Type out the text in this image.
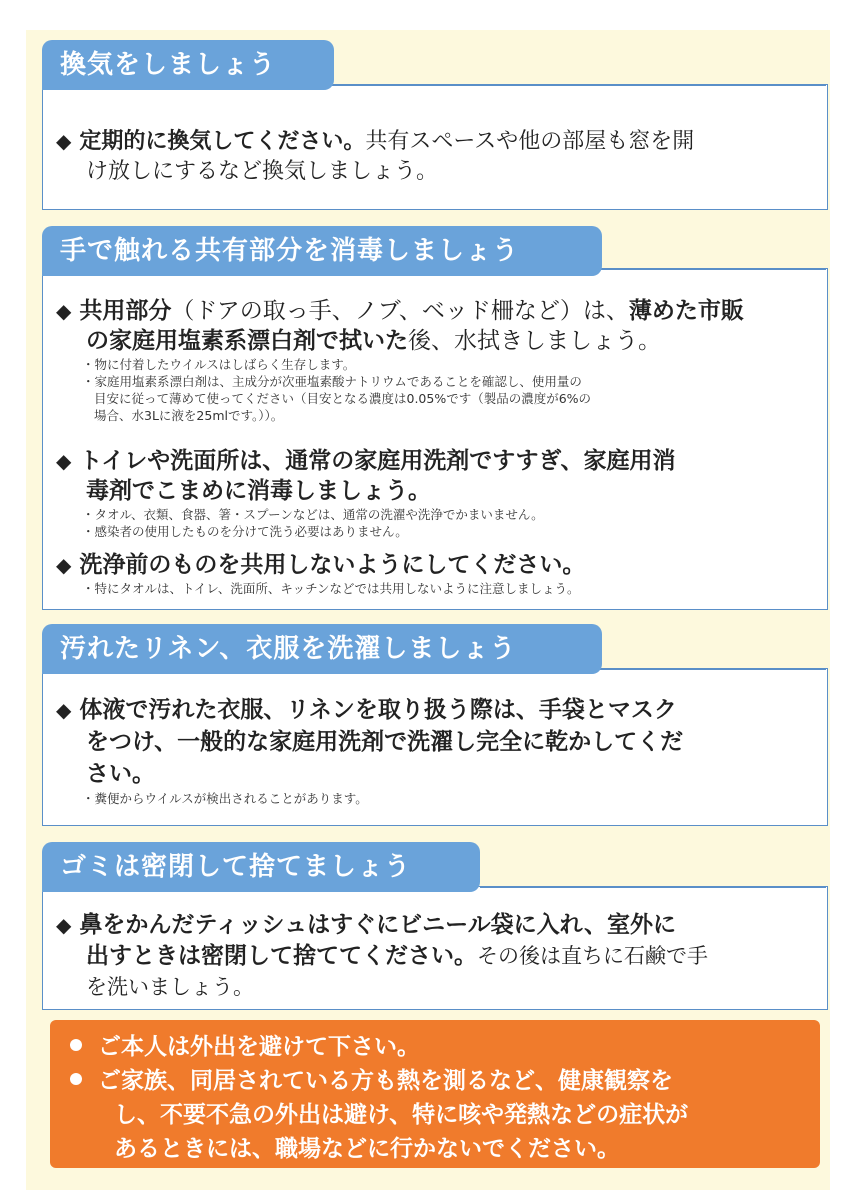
換気をしましょう

◆ 定期的に換気してください。共有スペースや他の部屋も窓を開

け放しにするなど換気しましょう。

手で触れる共有部分を消毒しましょう

◆ 共用部分（ドアの取っ手、ノブ、ベッド柵など）は、薄めた市販

の家庭用塩素系漂白剤で拭いた後、水拭きしましょう。

・物に付着したウイルスはしばらく生存します。

・家庭用塩素系漂白剤は、主成分が次亜塩素酸ナトリウムであることを確認し、使用量の

目安に従って薄めて使ってください（目安となる濃度は0.05%です（製品の濃度が6%の

場合、水3Lに液を25mlです。））。

◆ トイレや洗面所は、通常の家庭用洗剤ですすぎ、家庭用消

毒剤でこまめに消毒しましょう。

・タオル、衣類、食器、箸・スプーンなどは、通常の洗濯や洗浄でかまいません。

・感染者の使用したものを分けて洗う必要はありません。

◆ 洗浄前のものを共用しないようにしてください。

・特にタオルは、トイレ、洗面所、キッチンなどでは共用しないように注意しましょう。

汚れたリネン、衣服を洗濯しましょう

◆ 体液で汚れた衣服、リネンを取り扱う際は、手袋とマスク

をつけ、一般的な家庭用洗剤で洗濯し完全に乾かしてくだ

さい。

・糞便からウイルスが検出されることがあります。

ゴミは密閉して捨てましょう

◆ 鼻をかんだティッシュはすぐにビニール袋に入れ、室外に

出すときは密閉して捨ててください。その後は直ちに石鹸で手

を洗いましょう。

ご本人は外出を避けて下さい。
ご家族、同居されている方も熱を測るなど、健康観察を
し、不要不急の外出は避け、特に咳や発熱などの症状が
あるときには、職場などに行かないでください。
